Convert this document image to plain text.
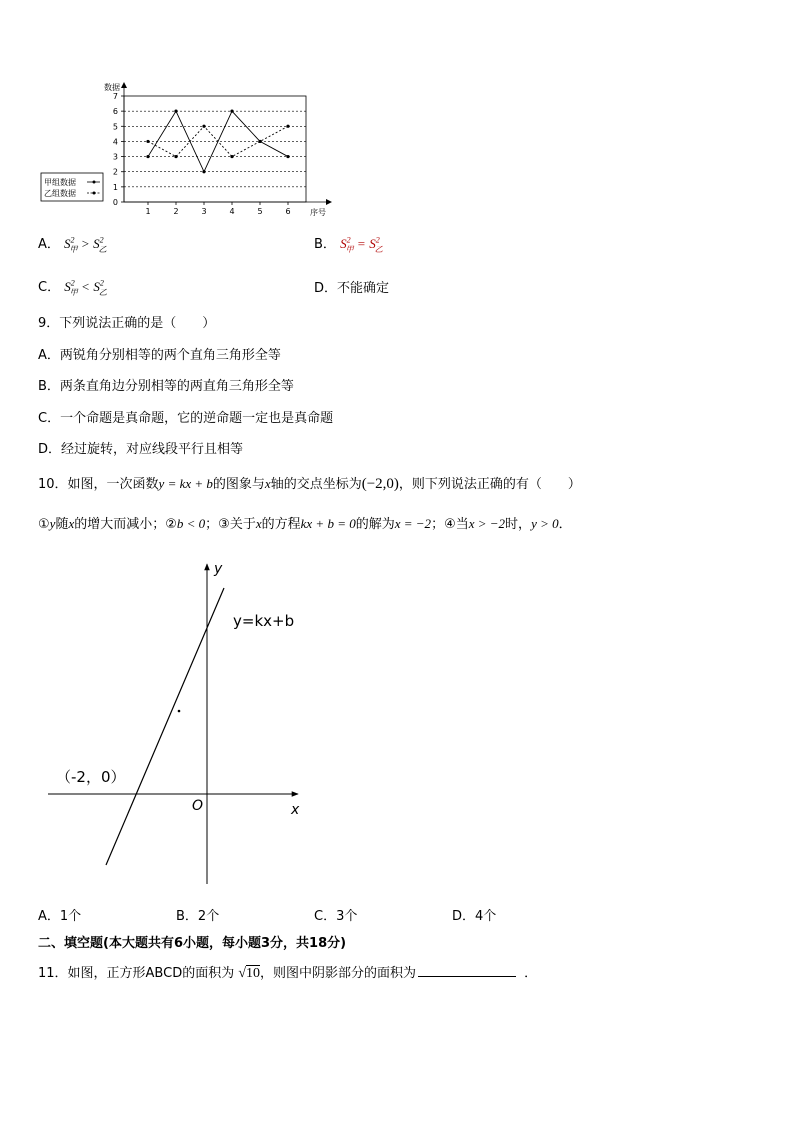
0
1
2
3
4
5
6
7
1	2	3	4	5	6
数据
序号
甲组数据
乙组数据
A． $S^2_甲 > S^2_乙$	B． $S^2_甲 = S^2_乙$
C． $S^2_甲 < S^2_乙$	D．不能确定
9．下列说法正确的是（　　）
A．两锐角分别相等的两个直角三角形全等
B．两条直角边分别相等的两直角三角形全等
C．一个命题是真命题，它的逆命题一定也是真命题
D．经过旋转，对应线段平行且相等
10．如图，一次函数y = kx + b的图象与x轴的交点坐标为(−2,0)，则下列说法正确的有（　　）
①y随x的增大而减小；②b < 0；③关于x的方程kx + b = 0的解为x = −2；④当x > −2时，y > 0．
y
x
O
y=kx+b
（-2，0）
A．1个	B．2个	C．3个	D．4个
二、填空题(本大题共有6小题，每小题3分，共18分)
11．如图，正方形ABCD的面积为 √10，则图中阴影部分的面积为	．
